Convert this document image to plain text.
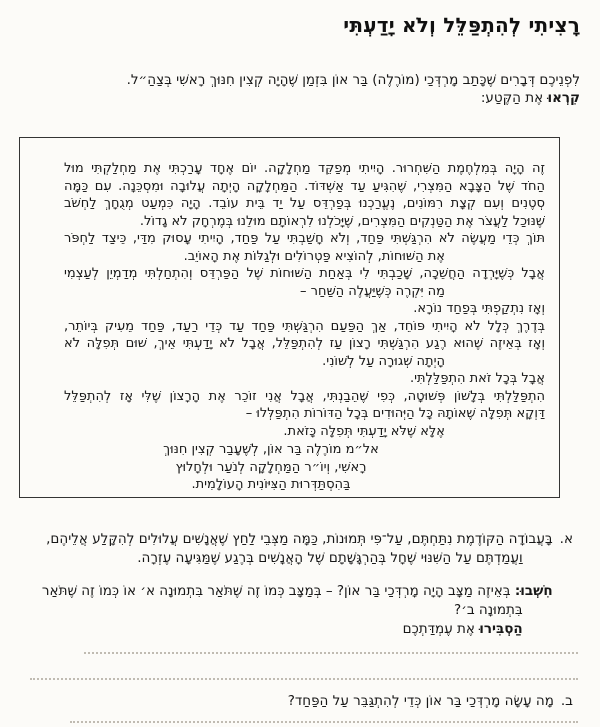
רָצִיתִי לְהִתְפַּלֵּל וְלֹא יָדַעְתִּי
לִפְנֵיכֶם דְּבָרִים שֶׁכָּתַב מָרְדְּכַי (מוֹרֶלֶה) בַּר אוֹן בִּזְמַן שֶׁהָיָה קְצִין חִנּוּךְ רָאשִׁי בְּצַהַ״ל.
קִרְאוּ אֶת הַקֶּטַע:
זֶה הָיָה בְּמִלְחֶמֶת הַשִּׁחְרוּר. הָיִיתִי מְפַקֵּד מַחְלָקָה. יוֹם אֶחָד עָרַכְתִּי אֶת מַחְלַקְתִּי מוּל
הַחֹד שֶׁל הַצָּבָא הַמִּצְרִי, שֶׁהִגִּיעַ עַד אַשְׁדּוֹד. הַמַּחְלָקָה הָיְתָה עֲלוּבָה וּמִסְכֵּנָה. עִם כַּמָּה
סְטֶנִים וְעִם קְצָת רִמּוֹנִים, נֶעֱרַכְנוּ בְּפַרְדֵּס עַל יַד בֵּית עוֹבֵד. הָיָה כִּמְעַט מְגֻחָךְ לַחְשֹׁב
שֶׁנּוּכַל לַעֲצֹר אֶת הַטַּנְקִים הַמִּצְרִים, שֶׁיָּכֹלְנוּ לִרְאוֹתָם מוּלֵנוּ בְּמֶרְחָק לֹא גָדוֹל.
תּוֹךְ כְּדֵי מַעֲשֶׂה לֹא הִרְגַּשְׁתִּי פַּחַד, וְלֹא חָשַׁבְתִּי עַל פַּחַד, הָיִיתִי עָסוּק מִדַּי, כֵּיצַד לַחְפֹּר
אֶת הַשּׁוּחוֹת, לְהוֹצִיא פַּטְרוֹלִים וּלְגַלּוֹת אֶת הָאוֹיֵב.
אֲבָל כְּשֶׁיָּרְדָה הַחֲשֵׁכָה, שָׁכַבְתִּי לִי בְּאַחַת הַשּׁוּחוֹת שֶׁל הַפַּרְדֵּס וְהִתְחַלְתִּי מְדַמְיֵן לְעַצְמִי
מַה יִּקְרֶה כְּשֶׁיַּעֲלֶה הַשַּׁחַר –
וְאָז נִתְקַפְתִּי בְּפַחַד נוֹרָא.
בְּדֶרֶךְ כְּלָל לֹא הָיִיתִי פּוֹחֵד, אַךְ הַפַּעַם הִרְגַּשְׁתִּי פַּחַד עַד כְּדֵי רַעַד, פַּחַד מֵעִיק בְּיוֹתֵר,
וְאָז בְּאֵיזֶה שֶׁהוּא רֶגַע הִרְגַּשְׁתִּי רָצוֹן עַז לְהִתְפַּלֵּל, אֲבָל לֹא יָדַעְתִּי אֵיךְ, שׁוּם תְּפִלָּה לֹא
הָיְתָה שְׁגוּרָה עַל לְשׁוֹנִי.
אֲבָל בְּכָל זֹאת הִתְפַּלַּלְתִּי.
הִתְפַּלַּלְתִּי בְּלָשׁוֹן פְּשׁוּטָה, כְּפִי שֶׁהֵבַנְתִּי, אֲבָל אֲנִי זוֹכֵר אֶת הָרָצוֹן שֶׁלִּי אָז לְהִתְפַּלֵּל
דַּוְקָא תְּפִלָּה שֶׁאוֹתָהּ כָּל הַיְּהוּדִים בְּכָל הַדּוֹרוֹת הִתְפַּלְּלוּ –
אֶלָּא שֶׁלֹּא יָדַעְתִּי תְּפִלָּה כָּזֹאת.
אל״מ מוֹרֶלֶה בַּר אוֹן, לְשֶׁעָבַר קְצִין חִנּוּךְ
רָאשִׁי, וְיוֹ״ר הַמַּחְלָקָה לְנֹעַר וּלְחָלוּץ
בַּהִסְתַּדְּרוּת הַצִּיּוֹנִית הָעוֹלָמִית.
א.
בָּעֲבוֹדָה הַקּוֹדֶמֶת נִתַּחְתֶּם, עַל־פִּי תְּמוּנוֹת, כַּמָּה מַצְּבֵי לַחַץ שֶׁאֲנָשִׁים עֲלוּלִים לְהִקָּלַע אֲלֵיהֶם,
וַעֲמַדְתֶּם עַל הַשִּׁנּוּי שֶׁחָל בְּהַרְגָּשָׁתָם שֶׁל הָאֲנָשִׁים בְּרֶגַע שֶׁמַּגִּיעָה עֶזְרָה.
חִשְׁבוּ: בְּאֵיזֶה מַצָּב הָיָה מָרְדְּכַי בַּר אוֹן? – בְּמַצָּב כְּמוֹ זֶה שֶׁתֹּאַר בִּתְמוּנָה א׳ אוֹ כְּמוֹ זֶה שֶׁתֹּאַר
בִּתְמוּנָה ב׳?
הַסְבִּירוּ אֶת עֶמְדַּתְכֶם
ב.
מָה עָשָׂה מָרְדְּכַי בַּר אוֹן כְּדֵי לְהִתְגַּבֵּר עַל הַפַּחַד?
